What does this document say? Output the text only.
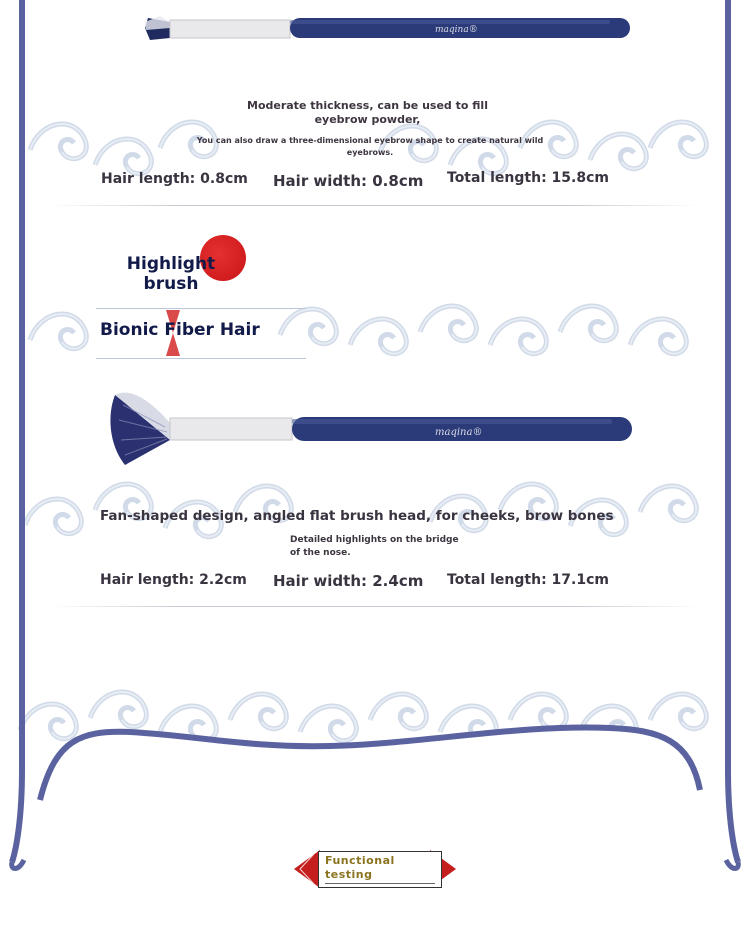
maqina®
Moderate thickness, can be used to fill eyebrow powder,
You can also draw a three-dimensional eyebrow shape to create natural wild
eyebrows.
Hair length: 0.8cm Hair width: 0.8cm Total length: 15.8cm
Highlight brush
Bionic Fiber Hair
maqina®
Fan-shaped design, angled flat brush head, for cheeks, brow bones
Detailed highlights on the bridge
of the nose.
Hair length: 2.2cm Hair width: 2.4cm Total length: 17.1cm
Functional testing
